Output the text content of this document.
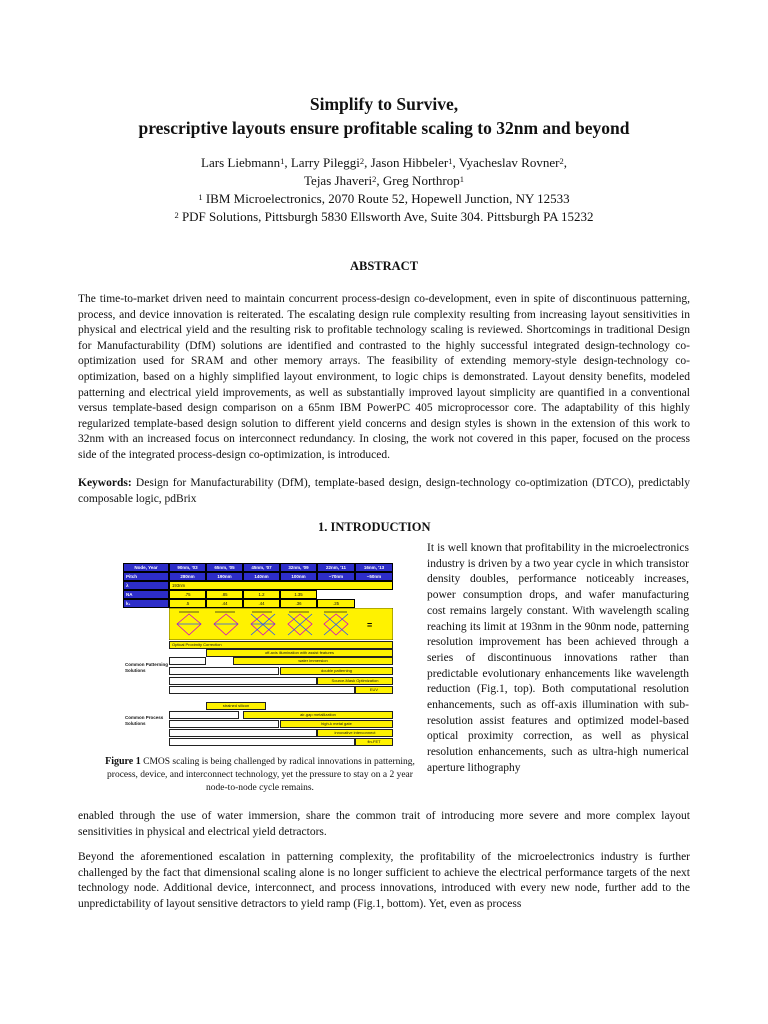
Simplify to Survive,
prescriptive layouts ensure profitable scaling to 32nm and beyond
Lars Liebmann$^1$, Larry Pileggi$^2$, Jason Hibbeler$^1$, Vyacheslav Rovner$^2$,
Tejas Jhaveri$^2$, Greg Northrop$^1$
$^1$ IBM Microelectronics, 2070 Route 52, Hopewell Junction, NY 12533
$^2$ PDF Solutions, Pittsburgh 5830 Ellsworth Ave, Suite 304. Pittsburgh PA 15232
ABSTRACT
The time-to-market driven need to maintain concurrent process-design co-development, even in spite of discontinuous patterning, process, and device innovation is reiterated. The escalating design rule complexity resulting from increasing layout sensitivities in physical and electrical yield and the resulting risk to profitable technology scaling is reviewed. Shortcomings in traditional Design for Manufacturability (DfM) solutions are identified and contrasted to the highly successful integrated design-technology co-optimization used for SRAM and other memory arrays. The feasibility of extending memory-style design-technology co-optimization, based on a highly simplified layout environment, to logic chips is demonstrated. Layout density benefits, modeled patterning and electrical yield improvements, as well as substantially improved layout simplicity are quantified in a conventional versus template-based design comparison on a 65nm IBM PowerPC 405 microprocessor core. The adaptability of this highly regularized template-based design solution to different yield concerns and design styles is shown in the extension of this work to 32nm with an increased focus on interconnect redundancy. In closing, the work not covered in this paper, focused on the process side of the integrated process-design co-optimization, is introduced.
Keywords: Design for Manufacturability (DfM), template-based design, design-technology co-optimization (DTCO), predictably composable logic, pdBrix
1. INTRODUCTION
Node, Year	90nm, '03	65nm, '05	45nm, '07	32nm, '09	22nm, '11	16nm, '13
Pitch	280nm	190nm	140nm	100nm	~70nm	~50nm
λ	193nm
NA	.75	.85	1.2	1.35
k₁	.5	.44	.44	.36	.25
=
Common Patterning Solutions
Optical Proximity Correction
off-axis illumination with assist features
water immersion
double patterning
Source-Mask Optimization
EUV
Common Process Solutions
strained silicon
air-gap metallization
high-k metal gate
innovative interconnect
fin-FET
Figure 1 CMOS scaling is being challenged by radical innovations in patterning, process, device, and interconnect technology, yet the pressure to stay on a 2 year node-to-node cycle remains.
It is well known that profitability in the microelectronics industry is driven by a two year cycle in which transistor density doubles, performance noticeably increases, power consumption drops, and wafer manufacturing cost remains largely constant. With wavelength scaling reaching its limit at 193nm in the 90nm node, patterning resolution improvement has been achieved through a series of discontinuous innovations rather than predictable evolutionary enhancements like wavelength reduction (Fig.1, top). Both computational resolution enhancements, such as off-axis illumination with sub-resolution assist features and optimized model-based optical proximity correction, as well as physical resolution enhancements, such as ultra-high numerical aperture lithography
enabled through the use of water immersion, share the common trait of introducing more severe and more complex layout sensitivities in physical and electrical yield detractors.
Beyond the aforementioned escalation in patterning complexity, the profitability of the microelectronics industry is further challenged by the fact that dimensional scaling alone is no longer sufficient to achieve the electrical performance targets of the next technology node. Additional device, interconnect, and process innovations, introduced with every new node, further add to the unpredictability of layout sensitive detractors to yield ramp (Fig.1, bottom). Yet, even as process
